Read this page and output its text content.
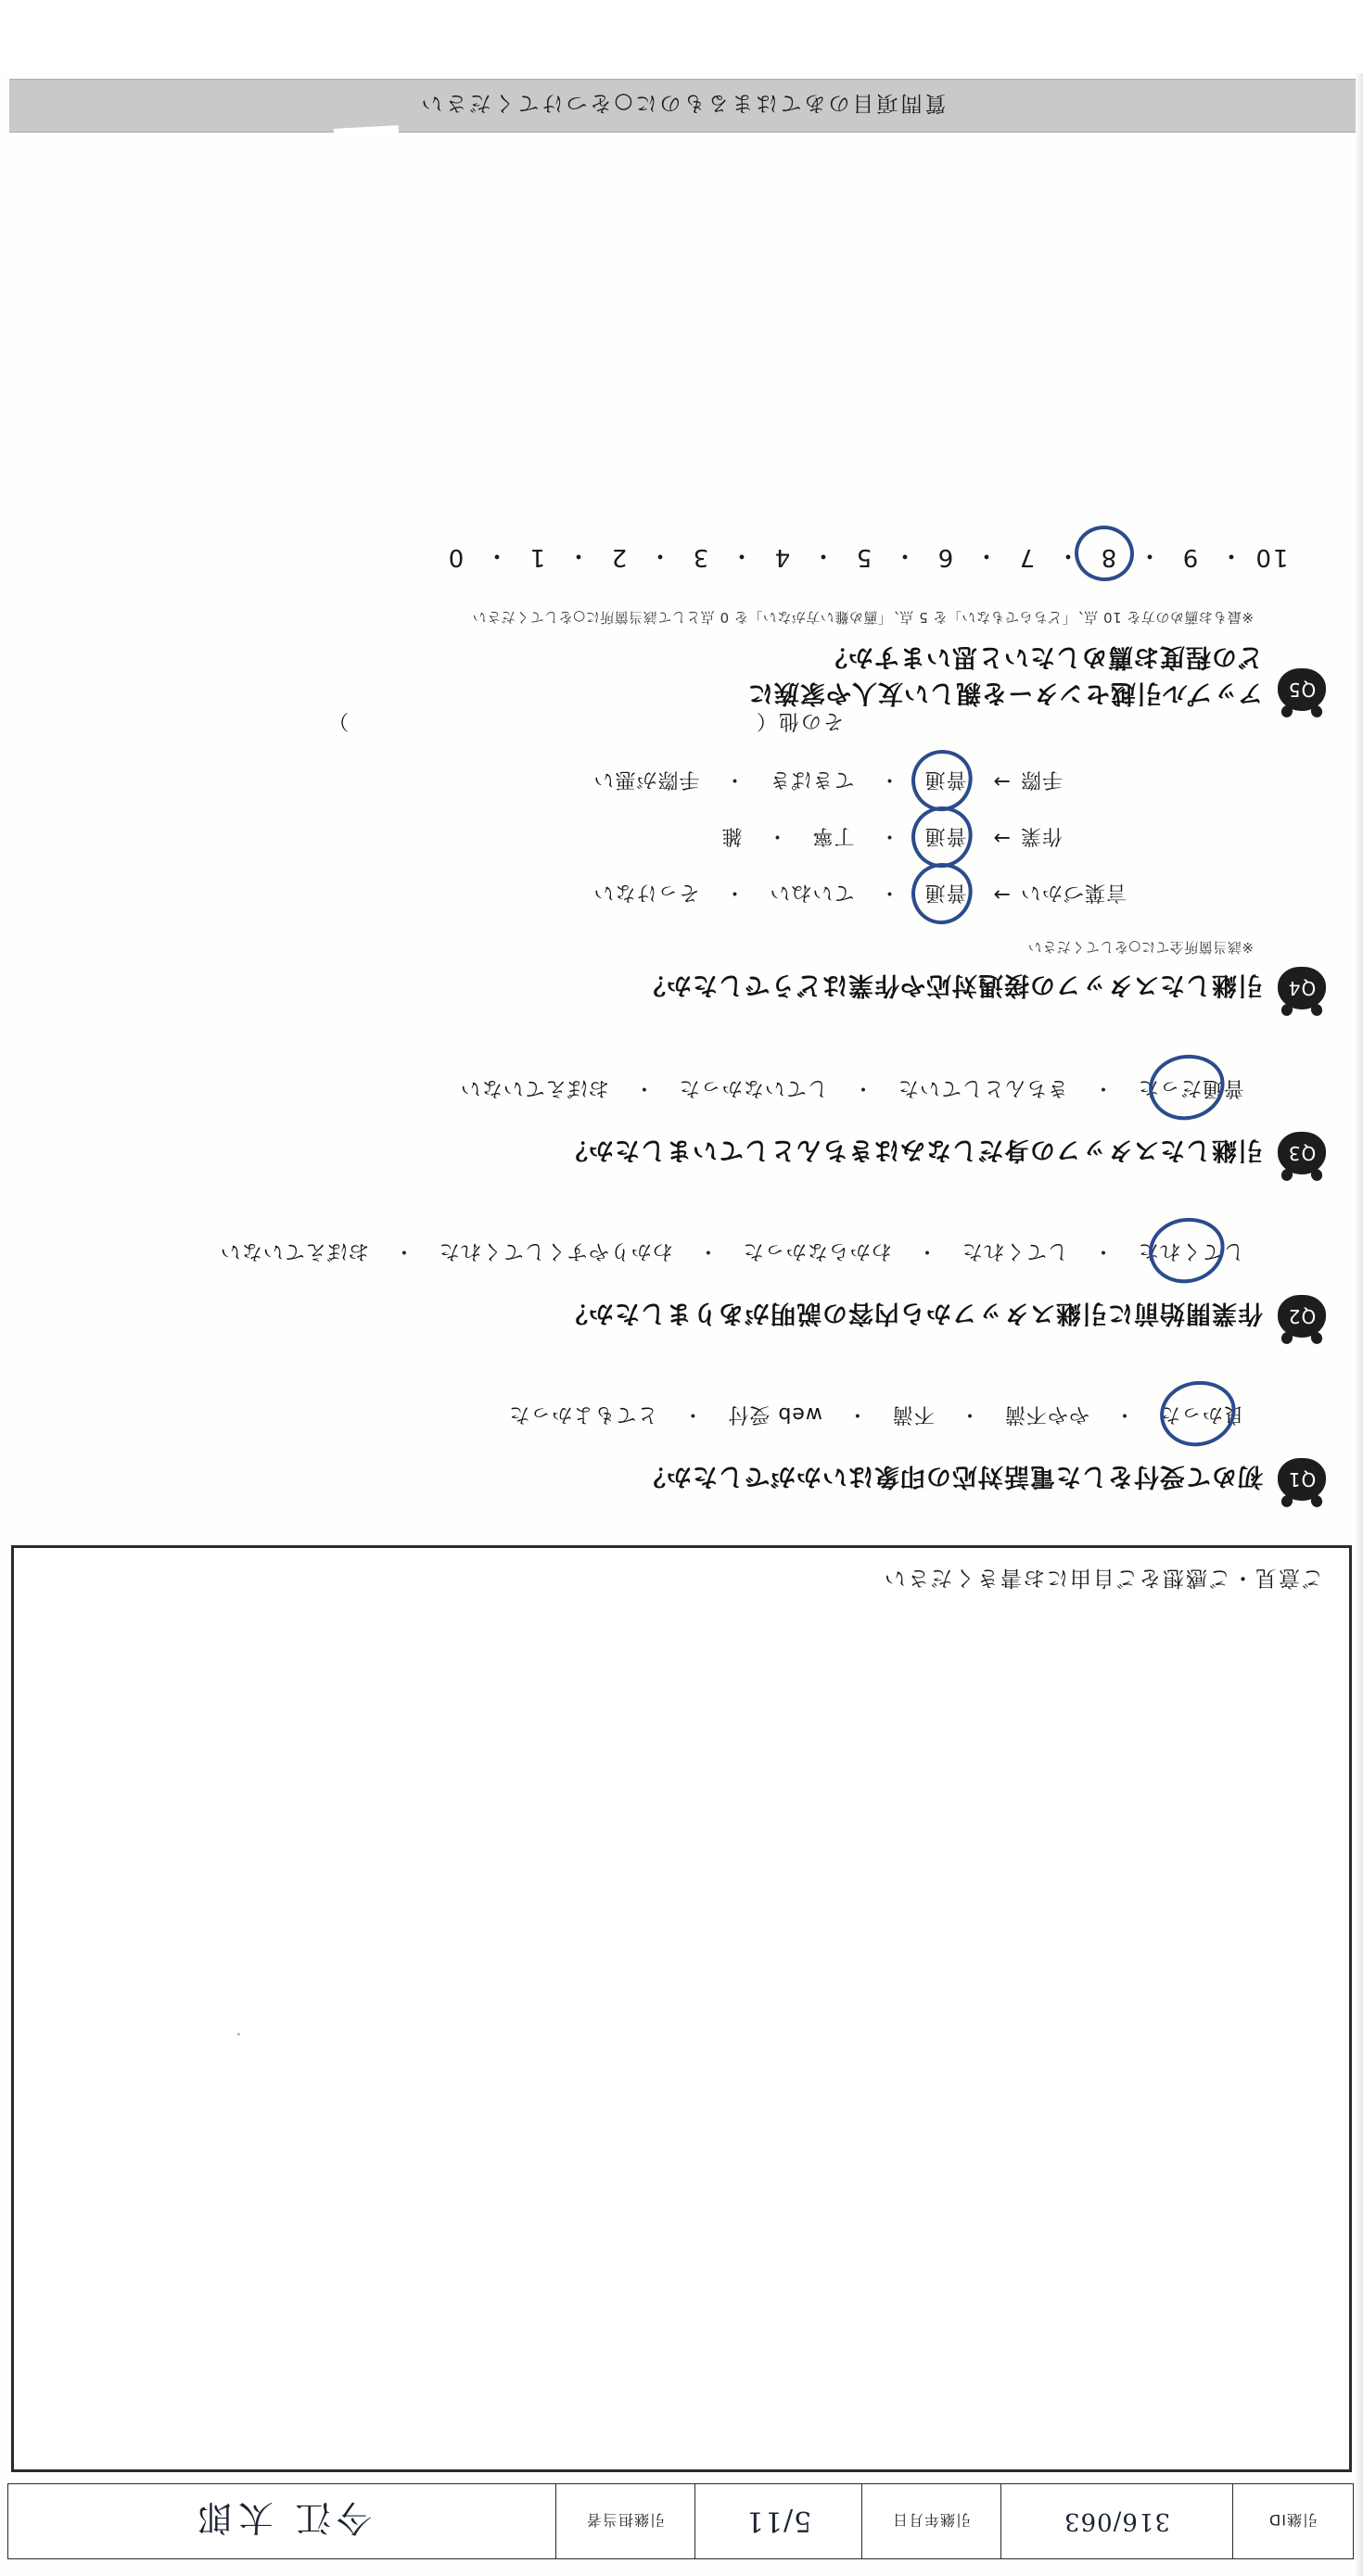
引継ID
316/063
引継年月日
5/11
引継担当者
今江 太郎
ご意見・ご感想をご自由にお書きください
Q1
初めて受付をした電話対応の印象はいかがでしたか？
良かった
・
やや不満
・
不満
・
web 受付
・
とてもよかった
Q2
作業開始前に引継スタッフから内容の説明がありましたか？
してくれた
・
してくれた
・
わからなかった
・
わかりやすくしてくれた
・
おぼえていない
Q3
引継したスタッフの身だしなみはきちんとしていましたか？
普通だった
・
きちんとしていた
・
していなかった
・
おぼえていない
Q4
引継したスタッフの接遇対応や作業はどうでしたか？
※該当箇所全てに○をしてください
言葉づかい
→
普通
・
ていねい
・
そっけない
作業
→
普通
・
丁寧
・
雑
手際
→
普通
・
てきぱき
・
手際が悪い
その他（  ）
Q5
アップル引越センターを親しい友人や家族に
どの程度お薦めしたいと思いますか？
※最もお薦めの方を 10 点、「どちらでもない」を 5 点、「薦め難い方がない」を 0 点として該当箇所に○をしてください
10
・
9
・
8
・
7
・
6
・
5
・
4
・
3
・
2
・
1
・
0
質問項目のあてはまるものに○をつけてください
